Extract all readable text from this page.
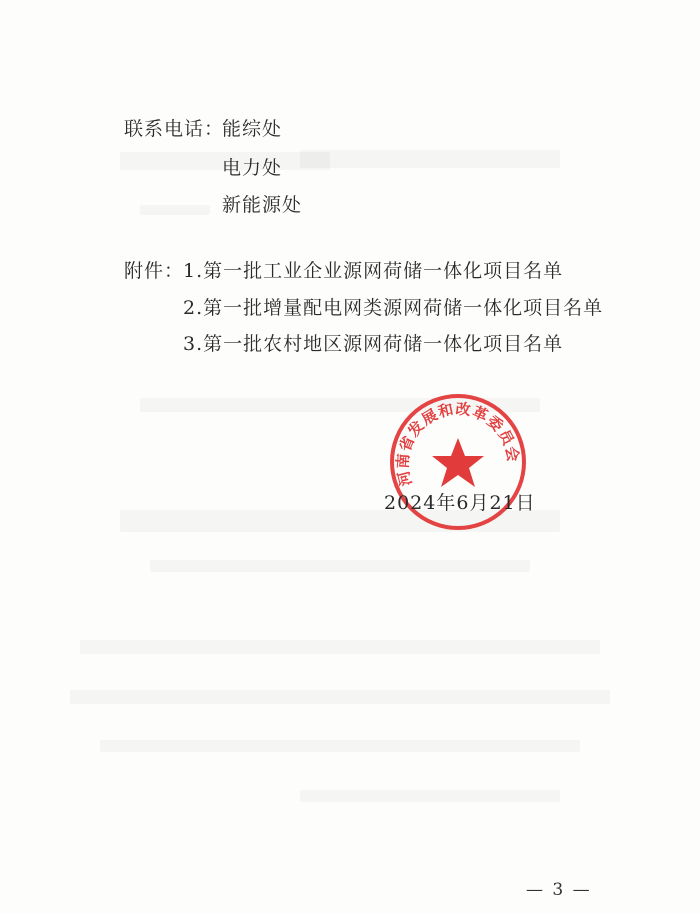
联系电话：
能综处
电力处
新能源处
附件：
1.第一批工业企业源网荷储一体化项目名单
2.第一批增量配电网类源网荷储一体化项目名单
3.第一批农村地区源网荷储一体化项目名单
河南省发展和改革委员会
2024年6月21日
— 3 —
